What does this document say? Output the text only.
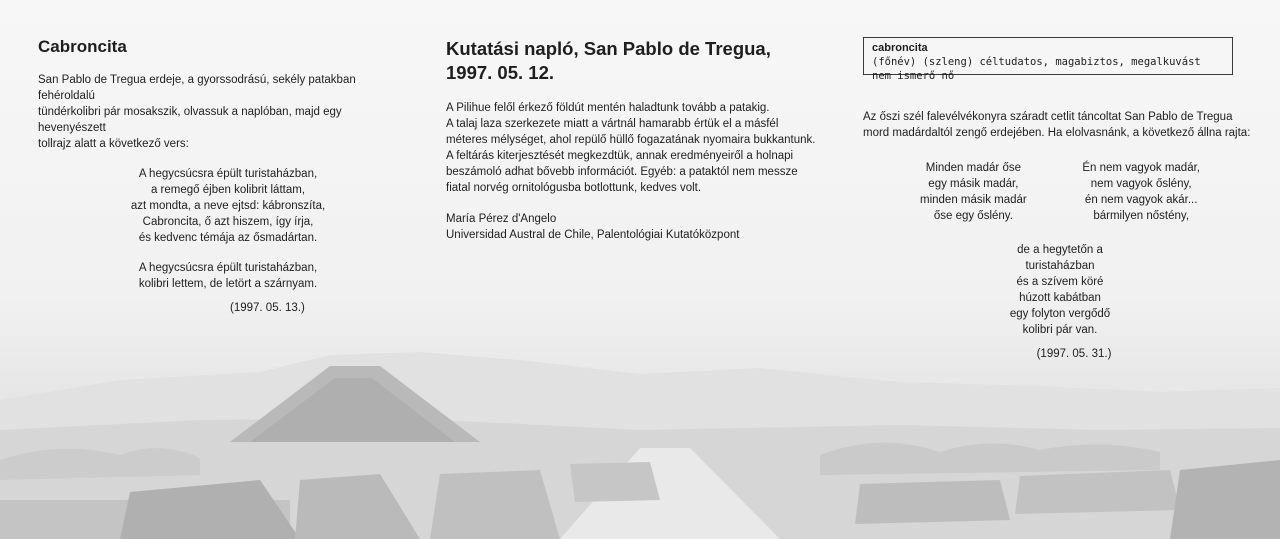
Cabroncita

San Pablo de Tregua erdeje, a gyorssodrású, sekély patakban fehéroldalú

tündérkolibri pár mosakszik, olvassuk a naplóban, majd egy hevenyészett

tollrajz alatt a következő vers:

A hegycsúcsra épült turistaházban,

a remegő éjben kolibrit láttam,

azt mondta, a neve ejtsd: kábronszíta,

Cabroncita, ő azt hiszem, így írja,

és kedvenc témája az ősmadártan.

A hegycsúcsra épült turistaházban,

kolibri lettem, de letört a szárnyam.

(1997. 05. 13.)

Kutatási napló, San Pablo de Tregua,
1997. 05. 12.

A Pilihue felől érkező földút mentén haladtunk tovább a patakig.

A talaj laza szerkezete miatt a vártnál hamarabb értük el a másfél

méteres mélységet, ahol repülő hüllő fogazatának nyomaira bukkantunk.

A feltárás kiterjesztését megkezdtük, annak eredményeiről a holnapi

beszámoló adhat bővebb információt. Egyéb: a pataktól nem messze

fiatal norvég ornitológusba botlottunk, kedves volt.

María Pérez d'Angelo

Universidad Austral de Chile, Palentológiai Kutatóközpont

cabroncita
(főnév) (szleng) céltudatos, magabiztos, megalkuvást nem ismerő nő

Az őszi szél falevélvékonyra száradt cetlit táncoltat San Pablo de Tregua

mord madárdaltól zengő erdejében. Ha elolvasnánk, a következő állna rajta:

Minden madár őse

egy másik madár,

minden másik madár

őse egy őslény.

Én nem vagyok madár,

nem vagyok őslény,

én nem vagyok akár...

bármilyen nőstény,

de a hegytetőn a

turistaházban

és a szívem köré

húzott kabátban

egy folyton vergődő

kolibri pár van.

(1997. 05. 31.)
